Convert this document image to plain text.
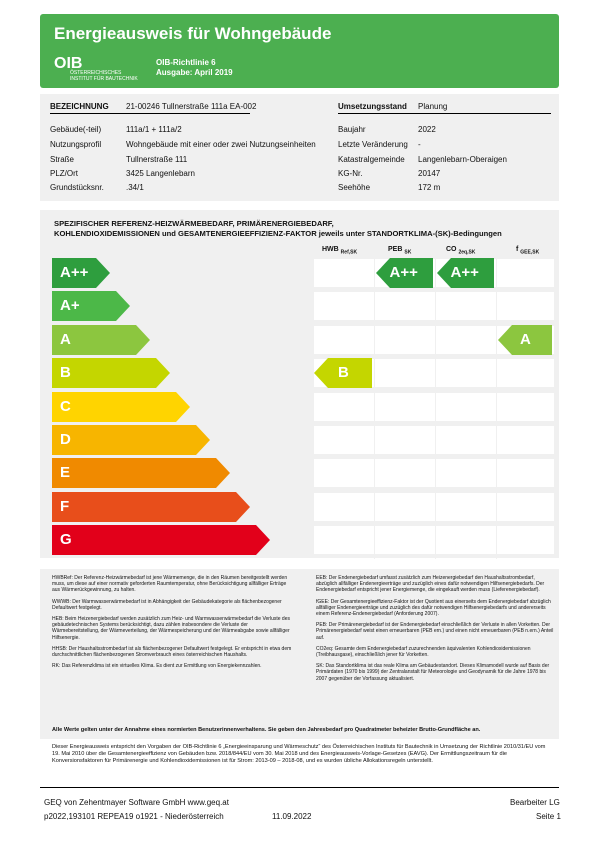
Energieausweis für Wohngebäude
OIB
ÖSTERREICHISCHES INSTITUT FÜR BAUTECHNIK
OIB-Richtlinie 6
Ausgabe: April 2019
BEZEICHNUNG 21-00246 Tullnerstraße 111a EA-002
Gebäude(-teil)	111a/1 + 111a/2
Nutzungsprofil	Wohngebäude mit einer oder zwei Nutzungseinheiten
Straße	Tullnerstraße 111
PLZ/Ort	3425 Langenlebarn
Grundstücksnr.	.34/1
Umsetzungsstand Planung
Baujahr	2022
Letzte Veränderung -
Katastralgemeinde Langenlebarn-Oberaigen
KG-Nr.	20147
Seehöhe	172 m
SPEZIFISCHER REFERENZ-HEIZWÄRMEBEDARF, PRIMÄRENERGIEBEDARF,
KOHLENDIOXIDEMISSIONEN und GESAMTENERGIEEFFIZIENZ-FAKTOR jeweils unter STANDORTKLIMA-(SK)-Bedingungen
HWB $_{Ref,SK}$	PEB $_{SK}$	CO $_{2eq,SK}$	f $_{GEE,SK}$
A++
A+
A
B
C
D
E
F
G
B
A++ A++
A

HWBRef: Der Referenz-Heizwärmebedarf ist jene Wärmemenge, die in den Räumen bereitgestellt werden muss, um diese auf einer normativ geforderten Raumtemperatur, ohne Berücksichtigung allfälliger Erträge aus Wärmerückgewinnung, zu halten.

WWWB: Der Warmwasserwärmebedarf ist in Abhängigkeit der Gebäudekategorie als flächenbezogener Defaultwert festgelegt.

HEB: Beim Heizenergiebedarf werden zusätzlich zum Heiz- und Warmwasserwärmebedarf die Verluste des gebäudetechnischen Systems berücksichtigt, dazu zählen insbesondere die Verluste der Wärmebereitstellung, der Wärmeverteilung, der Wärmespeicherung und der Wärmeabgabe sowie allfälliger Hilfsenergie.

HHSB: Der Haushaltsstrombedarf ist als flächenbezogener Defaultwert festgelegt. Er entspricht in etwa dem durchschnittlichen flächenbezogenen Stromverbrauch eines österreichischen Haushalts.

RK: Das Referenzklima ist ein virtuelles Klima. Es dient zur Ermittlung von Energiekennzahlen.

EEB: Der Endenergiebedarf umfasst zusätzlich zum Heizenergiebedarf den Haushaltsstrombedarf, abzüglich allfälliger Endenergieerträge und zuzüglich eines dafür notwendigen Hilfsenergiebedarfs. Der Endenergiebedarf entspricht jener Energiemenge, die eingekauft werden muss (Lieferenergiebedarf).

fGEE: Der Gesamtenergieeffizienz-Faktor ist der Quotient aus einerseits dem Endenergiebedarf abzüglich allfälliger Endenergieerträge und zuzüglich des dafür notwendigen Hilfsenergiebedarfs und andererseits einem Referenz-Endenergiebedarf (Anforderung 2007).

PEB: Der Primärenergiebedarf ist der Endenergiebedarf einschließlich der Verluste in allen Vorketten. Der Primärenergiebedarf weist einen erneuerbaren (PEB ern.) und einen nicht erneuerbaren (PEB n.ern.) Anteil auf.

CO2eq: Gesamte dem Endenergiebedarf zuzurechnenden äquivalenten Kohlendioxidemissionen (Treibhausgase), einschließlich jener für Vorketten.

SK: Das Standortklima ist das reale Klima am Gebäudestandort. Dieses Klimamodell wurde auf Basis der Primärdaten (1970 bis 1999) der Zentralanstalt für Meteorologie und Geodynamik für die Jahre 1978 bis 2007 gegenüber der Vorfassung aktualisiert.

Alle Werte gelten unter der Annahme eines normierten Benutzerinnenverhaltens. Sie geben den Jahresbedarf pro Quadratmeter beheizter Brutto-Grundfläche an.
Dieser Energieausweis entspricht den Vorgaben der OIB-Richtlinie 6 „Energieeinsparung und Wärmeschutz“ des Österreichischen Instituts für Bautechnik in Umsetzung der Richtlinie 2010/31/EU vom 19. Mai 2010 über die Gesamtenergieeffizienz von Gebäuden bzw. 2018/844/EU vom 30. Mai 2018 und des Energieausweis-Vorlage-Gesetzes (EAVG). Der Ermittlungszeitraum für die Konversionsfaktoren für Primärenergie und Kohlendioxidemissionen ist für Strom: 2013-09 – 2018-08, und es wurden übliche Allokationsregeln unterstellt.
GEQ von Zehentmayer Software GmbH www.geq.at
p2022,193101 REPEA19 o1921 - Niederösterreich	11.09.2022
Bearbeiter LG
Seite 1
